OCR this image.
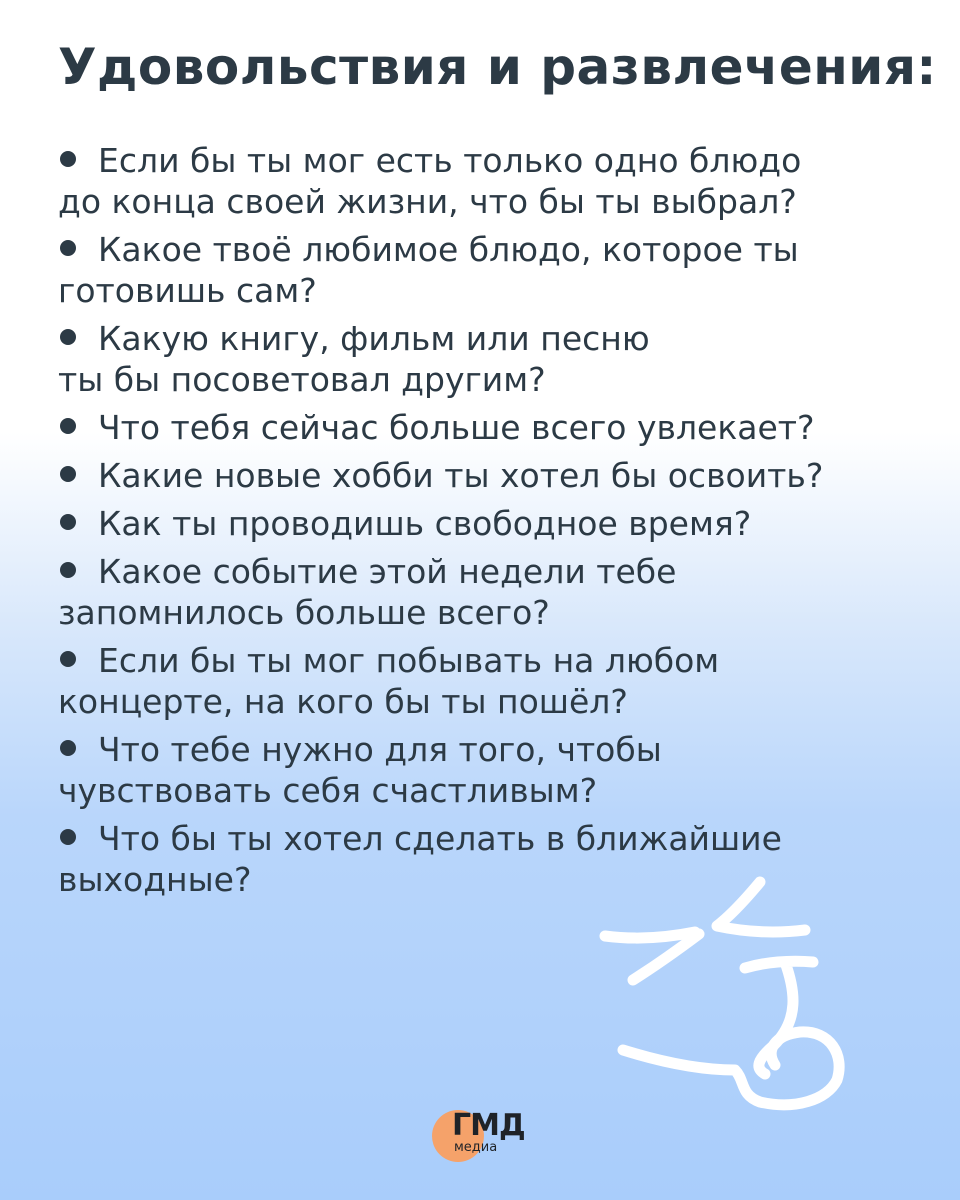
Удовольствия и развлечения:
Если бы ты мог есть только одно блюдо
до конца своей жизни, что бы ты выбрал?
Какое твоё любимое блюдо, которое ты
готовишь сам?
Какую книгу, фильм или песню
ты бы посоветовал другим?
Что тебя сейчас больше всего увлекает?
Какие новые хобби ты хотел бы освоить?
Как ты проводишь свободное время?
Какое событие этой недели тебе
запомнилось больше всего?
Если бы ты мог побывать на любом
концерте, на кого бы ты пошёл?
Что тебе нужно для того, чтобы
чувствовать себя счастливым?
Что бы ты хотел сделать в ближайшие
выходные?
ГМД
медиа
